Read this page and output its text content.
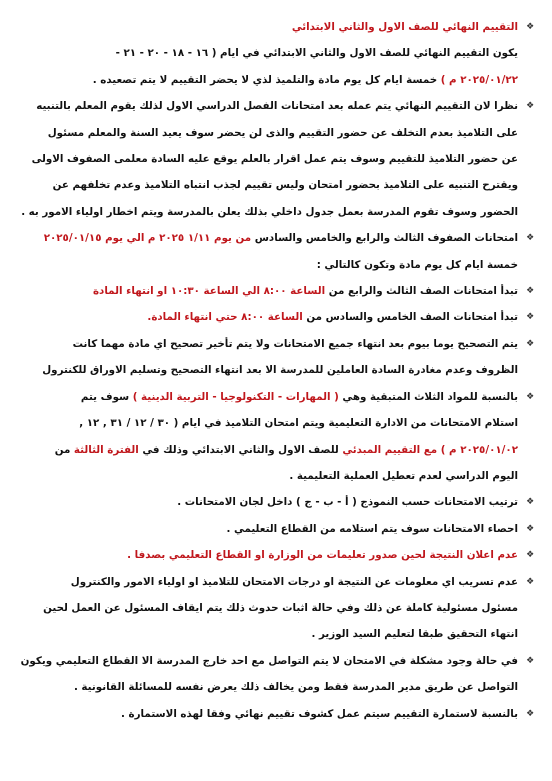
❖ التقييم النهائي للصف الاول والثاني الابتدائي
يكون التقييم النهائي للصف الاول والثاني الابتدائي في ايام ( ١٦ - ١٨ - ٢٠ - ٢١ -
٢٠٢٥/٠١/٢٢ م ) خمسة ايام كل يوم مادة والتلميذ لذي لا يحضر التقييم لا يتم تصعيده .
❖ نظرا لان التقييم النهائي يتم عمله بعد امتحانات الفصل الدراسي الاول لذلك يقوم المعلم بالتنبيه
على التلاميذ بعدم التخلف عن حضور التقييم والذى لن يحضر سوف يعيد السنة والمعلم مسئول
عن حضور التلاميذ للتقييم وسوف يتم عمل اقرار بالعلم يوقع عليه السادة معلمى الصفوف الاولى
ويقترح التنبيه على التلاميذ بحضور امتحان وليس تقييم لجذب انتباه التلاميذ وعدم تخلفهم عن
الحضور وسوف تقوم المدرسة بعمل جدول داخلي بذلك يعلن بالمدرسة ويتم اخطار اولياء الامور به .
❖ امتحانات الصفوف الثالث والرابع والخامس والسادس من يوم ١/١١ ٢٠٢٥ م الي يوم ٢٠٢٥/٠١/١٥
خمسة ايام كل يوم مادة وتكون كالتالي :
❖ تبدأ امتحانات الصف الثالث والرابع من الساعة ٨:٠٠ الي الساعة ١٠:٣٠ او انتهاء المادة
❖ تبدأ امتحانات الصف الخامس والسادس من الساعة ٨:٠٠ حتي انتهاء المادة.
❖ يتم التصحيح يوما بيوم بعد انتهاء جميع الامتحانات ولا يتم تأخير تصحيح اي مادة مهما كانت
الظروف وعدم مغادرة السادة العاملين للمدرسة الا بعد انتهاء التصحيح وتسليم الاوراق للكنترول
❖ بالنسبة للمواد الثلاث المتبقية وهي ( المهارات - التكنولوجيا - التربية الدينية ) سوف يتم
استلام الامتحانات من الادارة التعليمية ويتم امتحان التلاميذ في ايام ( ٣٠ / ١٢ / ٣١ , ١٢ ,
٢٠٢٥/٠١/٠٢ م ) مع التقييم المبدئي للصف الاول والثاني الابتدائي وذلك في الفترة الثالثة من
اليوم الدراسي لعدم تعطيل العملية التعليمية .
❖ ترتيب الامتحانات حسب النموذج ( أ - ب - ج ) داخل لجان الامتحانات .
❖ احصاء الامتحانات سوف يتم استلامه من القطاع التعليمي .
❖ عدم اعلان النتيجة لحين صدور تعليمات من الوزارة او القطاع التعليمي بصدفا .
❖ عدم تسريب اي معلومات عن النتيجة او درجات الامتحان للتلاميذ او اولياء الامور والكنترول
مسئول مسئولية كاملة عن ذلك وفي حالة اثبات حدوث ذلك يتم ايقاف المسئول عن العمل لحين
انتهاء التحقيق طبقا لتعليم السيد الوزير .
❖ في حالة وجود مشكلة في الامتحان لا يتم التواصل مع احد خارج المدرسة الا القطاع التعليمي ويكون
التواصل عن طريق مدير المدرسة فقط ومن يخالف ذلك يعرض نفسه للمسائلة القانونية .
❖ بالنسبة لاستمارة التقييم سيتم عمل كشوف تقييم نهائي وفقا لهذه الاستمارة .
